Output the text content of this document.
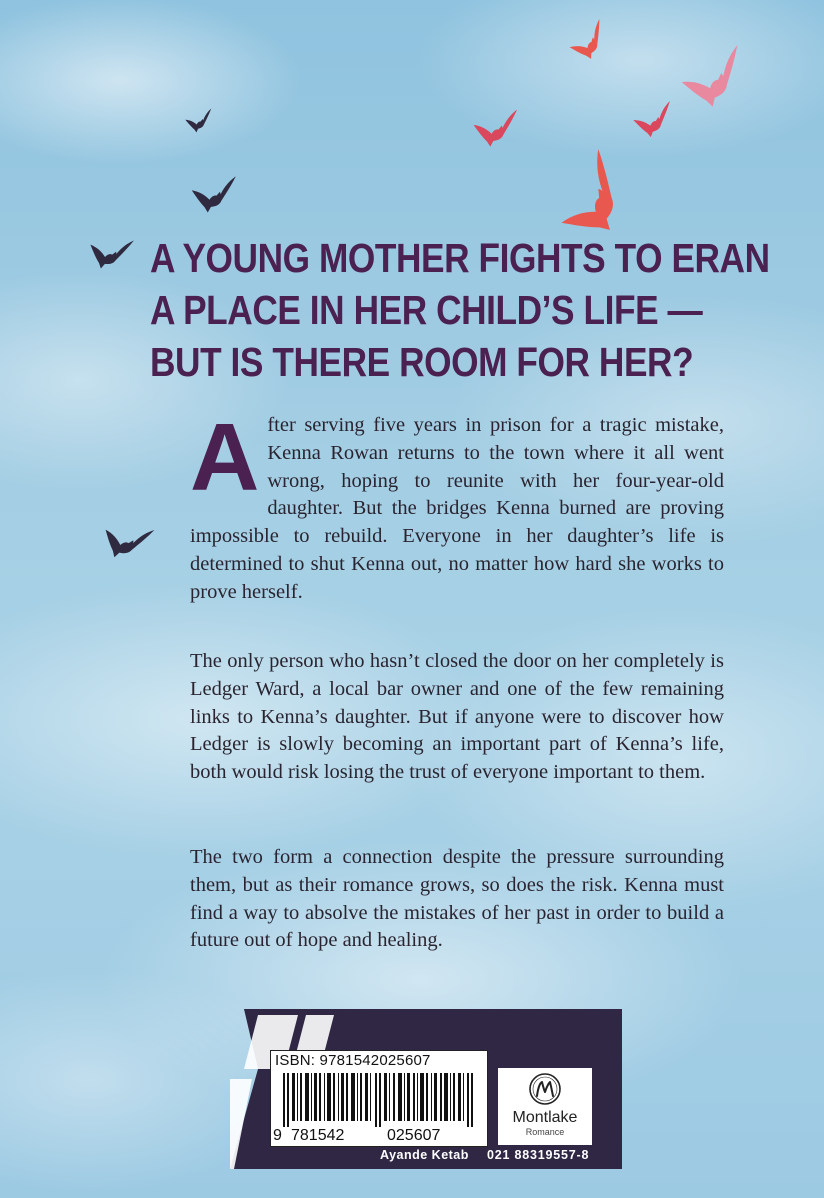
A YOUNG MOTHER FIGHTS TO ERAN
A PLACE IN HER CHILD’S LIFE —
BUT IS THERE ROOM FOR HER?
After serving five years in prison for a tragic mistake, Kenna Rowan returns to the town where it all went wrong, hoping to reunite with her four-year-old daughter. But the bridges Kenna burned are proving impossible to rebuild. Everyone in her daughter’s life is determined to shut Kenna out, no matter how hard she works to prove herself.
The only person who hasn’t closed the door on her completely is Ledger Ward, a local bar owner and one of the few remaining links to Kenna’s daughter. But if anyone were to discover how Ledger is slowly becoming an important part of Kenna’s life, both would risk losing the trust of everyone important to them.
The two form a connection despite the pressure surrounding them, but as their romance grows, so does the risk. Kenna must find a way to absolve the mistakes of her past in order to build a future out of hope and healing.
ISBN: 9781542025607
9 781542	025607
Montlake
Romance
Ayande Ketab 021 88319557-8
